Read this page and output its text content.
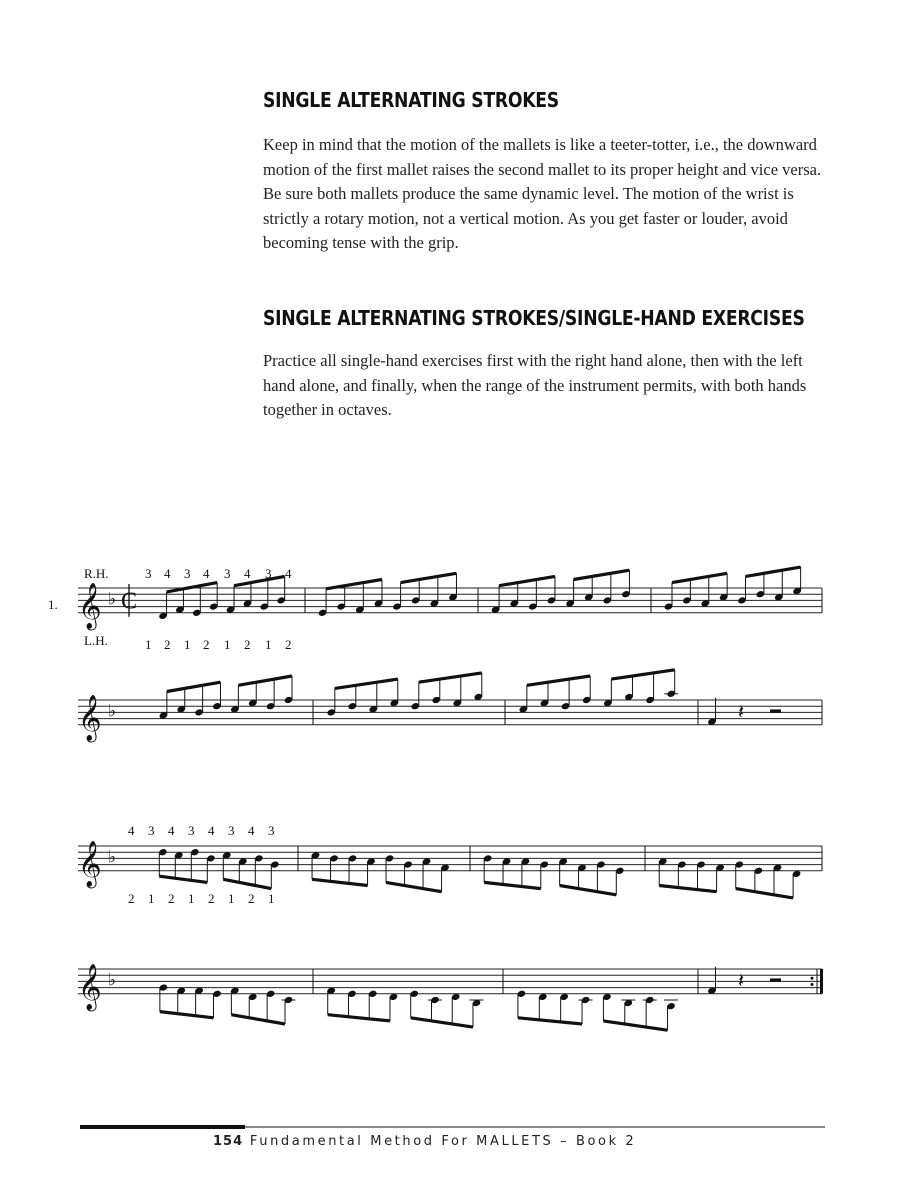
SINGLE ALTERNATING STROKES

Keep in mind that the motion of the mallets is like a teeter-totter, i.e., the downward motion of the first mallet raises the second mallet to its proper height and vice versa. Be sure both mallets produce the same dynamic level. The motion of the wrist is strictly a rotary motion, not a vertical motion. As you get faster or louder, avoid becoming tense with the grip.

SINGLE ALTERNATING STROKES/SINGLE-HAND EXERCISES

Practice all single-hand exercises first with the right hand alone, then with the left hand alone, and finally, when the range of the instrument permits, with both hands together in octaves.

𝄞 ♭ C
𝄞 ♭	𝄽
𝄞 ♭
𝄞 ♭	𝄽
R.H.
L.H.
1.
3 4 3 4 3 4 3 4
1 2 1 2 1 2 1 2
4 3 4 3 4 3 4 3
2 1 2 1 2 1 2 1
154 Fundamental Method For MALLETS – Book 2
